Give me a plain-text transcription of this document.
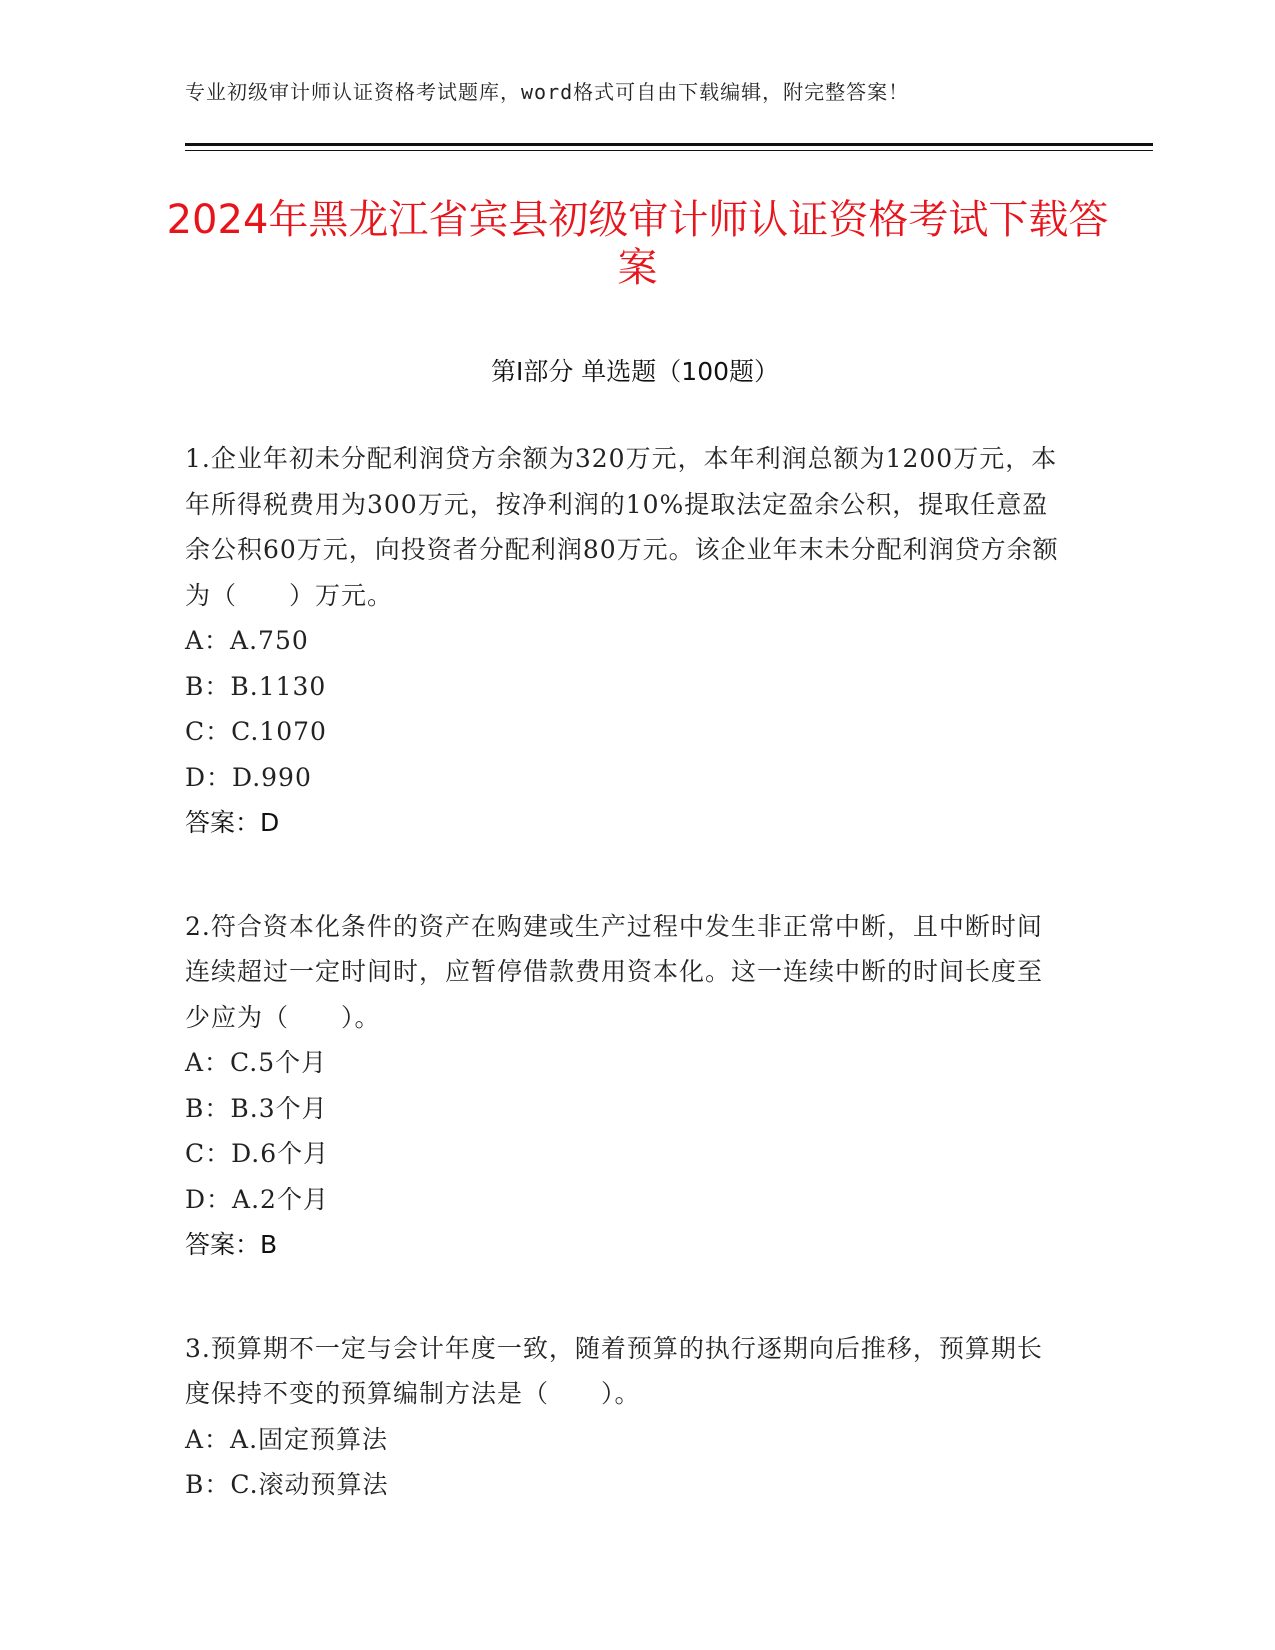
专业初级审计师认证资格考试题库，word格式可自由下载编辑，附完整答案！
2024年黑龙江省宾县初级审计师认证资格考试下载答案
第I部分 单选题（100题）
1.企业年初未分配利润贷方余额为320万元，本年利润总额为1200万元，本年所得税费用为300万元，按净利润的10%提取法定盈余公积，提取任意盈余公积60万元，向投资者分配利润80万元。该企业年末未分配利润贷方余额为（　　）万元。
A：A.750
B：B.1130
C：C.1070
D：D.990
答案：D
2.符合资本化条件的资产在购建或生产过程中发生非正常中断，且中断时间连续超过一定时间时，应暂停借款费用资本化。这一连续中断的时间长度至少应为（　　）。
A：C.5个月
B：B.3个月
C：D.6个月
D：A.2个月
答案：B
3.预算期不一定与会计年度一致，随着预算的执行逐期向后推移，预算期长度保持不变的预算编制方法是（　　）。
A：A.固定预算法
B：C.滚动预算法
